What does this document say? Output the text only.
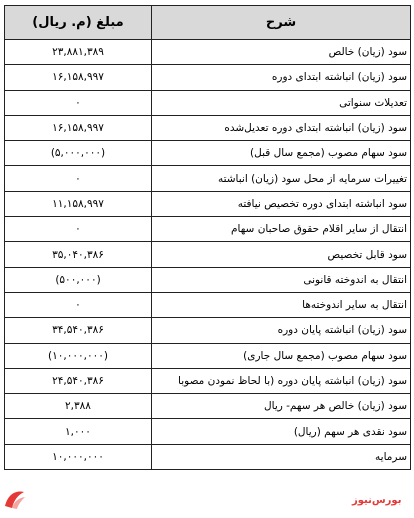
شرح	مبلغ (م. ریال)
سود (زیان) خالص	۲۳,۸۸۱,۳۸۹
سود (زیان) انباشته ابتدای دوره	۱۶,۱۵۸,۹۹۷
تعدیلات سنواتی	۰
سود (زیان) انباشته ابتدای دوره تعدیل‌شده	۱۶,۱۵۸,۹۹۷
سود سهام مصوب (مجمع سال قبل)	(۵,۰۰۰,۰۰۰)
تغییرات سرمایه از محل سود (زیان) انباشته	۰
سود انباشته ابتدای دوره تخصیص نیافته	۱۱,۱۵۸,۹۹۷
انتقال از سایر اقلام حقوق صاحبان سهام	۰
سود قابل تخصیص	۳۵,۰۴۰,۳۸۶
انتقال به اندوخته قانونی	(۵۰۰,۰۰۰)
انتقال به سایر اندوخته‌ها	۰
سود (زیان) انباشته پایان دوره	۳۴,۵۴۰,۳۸۶
سود سهام مصوب (مجمع سال جاری)	(۱۰,۰۰۰,۰۰۰)
سود (زیان) انباشته پایان دوره (با لحاظ نمودن مصوبا	۲۴,۵۴۰,۳۸۶
سود (زیان) خالص هر سهم- ریال	۲,۳۸۸
سود نقدی هر سهم (ریال)	۱,۰۰۰
سرمایه	۱۰,۰۰۰,۰۰۰
بورس‌نیوز
